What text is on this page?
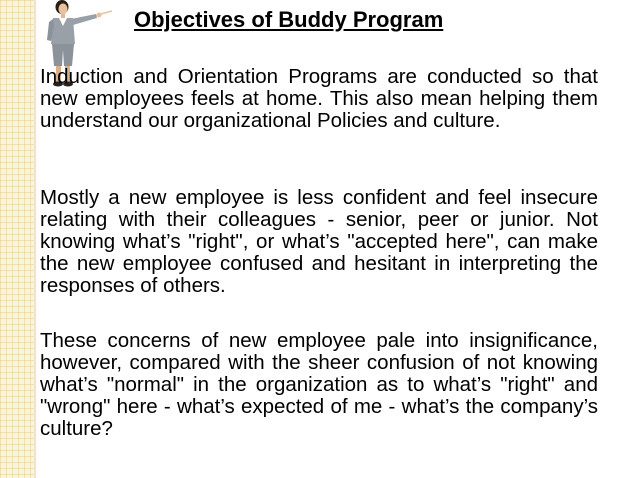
Objectives of Buddy Program

Induction and Orientation Programs are conducted so that new employees feels at home. This also mean helping them understand our organizational Policies and culture.

Mostly a new employee is less confident and feel insecure relating with their colleagues - senior, peer or junior. Not knowing what’s "right", or what’s "accepted here", can make the new employee confused and hesitant in interpreting the responses of others.

These concerns of new employee pale into insignificance, however, compared with the sheer confusion of not knowing what’s "normal" in the organization as to what’s "right" and "wrong" here - what’s expected of me - what’s the company’s culture?
